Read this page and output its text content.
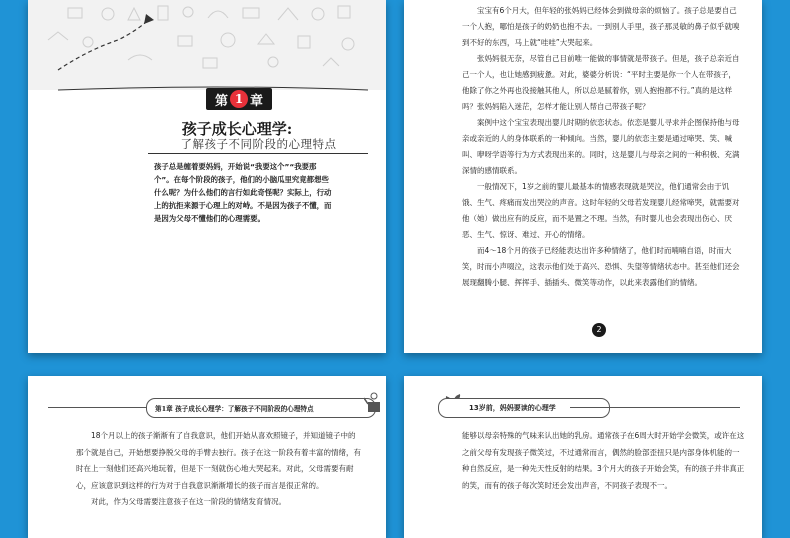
第 1 章
孩子成长心理学:
了解孩子不同阶段的心理特点
孩子总是缠着要妈妈，开始说“我要这个”“我要那个”。在每个阶段的孩子，他们的小脑瓜里究竟都想些什么呢？为什么他们的言行如此奇怪呢？实际上，行动上的抗拒来源于心理上的对峙。不是因为孩子不懂，而是因为父母不懂他们的心理需要。

宝宝有6个月大，但年轻的张妈妈已经体会到做母亲的烦恼了。孩子总是要自己一个人抱，哪怕是孩子的奶奶也抱不去。一到别人手里，孩子那灵敏的鼻子似乎就嗅到不好的东西，马上就“哇哇”大哭起来。

张妈妈很无奈，尽管自己目前唯一能做的事情就是带孩子。但是，孩子总亲近自己一个人，也让她感到疲惫。对此，婆婆分析说：“平时主要是你一个人在带孩子，他除了你之外再也没接触其他人，所以总是腻着你，别人抱抱都不行。”真的是这样吗？张妈妈陷入迷茫，怎样才能让别人帮自己带孩子呢？

案例中这个宝宝表现出婴儿时期的依恋状态。依恋是婴儿寻求并企图保持他与母亲或亲近的人的身体联系的一种倾向。当然，婴儿的依恋主要是通过啼哭、笑、喊叫、咿呀学语等行为方式表现出来的。同时，这是婴儿与母亲之间的一种积极、充满深情的感情联系。

一般情况下，1岁之前的婴儿最基本的情感表现就是哭泣，他们通常会由于饥饿、生气、疼痛而发出哭泣的声音。这时年轻的父母若发现婴儿经常啼哭，就需要对他（她）做出应有的反应，而不是置之不理。当然，有时婴儿也会表现出伤心、厌恶、生气、惊讶、难过、开心的情绪。

而4～18个月的孩子已经能表达出许多种情绪了，他们时而喃喃自语，时而大笑，时而小声啜泣，这表示他们处于高兴、恐惧、失望等情绪状态中。甚至他们还会展现翻腾小腿、挥挥手、插插头、微笑等动作，以此来表露他们的情绪。

2
第1章 孩子成长心理学：了解孩子不同阶段的心理特点

18个月以上的孩子渐渐有了自我意识，他们开始从喜欢照镜子，并知道镜子中的那个就是自己，开始想要挣脱父母的手臂去独行。孩子在这一阶段有着丰富的情绪，有时在上一刻他们还高兴地玩着，但是下一刻就伤心地大哭起来。对此，父母需要有耐心，应该意识到这样的行为对于自我意识渐渐增长的孩子而言是很正常的。

对此，作为父母需要注意孩子在这一阶段的情绪发育情况。

13岁前，妈妈要读的心理学

能够以母亲特殊的气味来认出她的乳房。通常孩子在6周大时开始学会微笑，或许在这之前父母有发现孩子微笑过，不过通常而言，偶然的脸部歪扭只是内部身体机能的一种自然反应，是一种先天性反射的结果。3个月大的孩子开始会笑，有的孩子并非真正的笑，而有的孩子每次笑时还会发出声音，不同孩子表现不一。
